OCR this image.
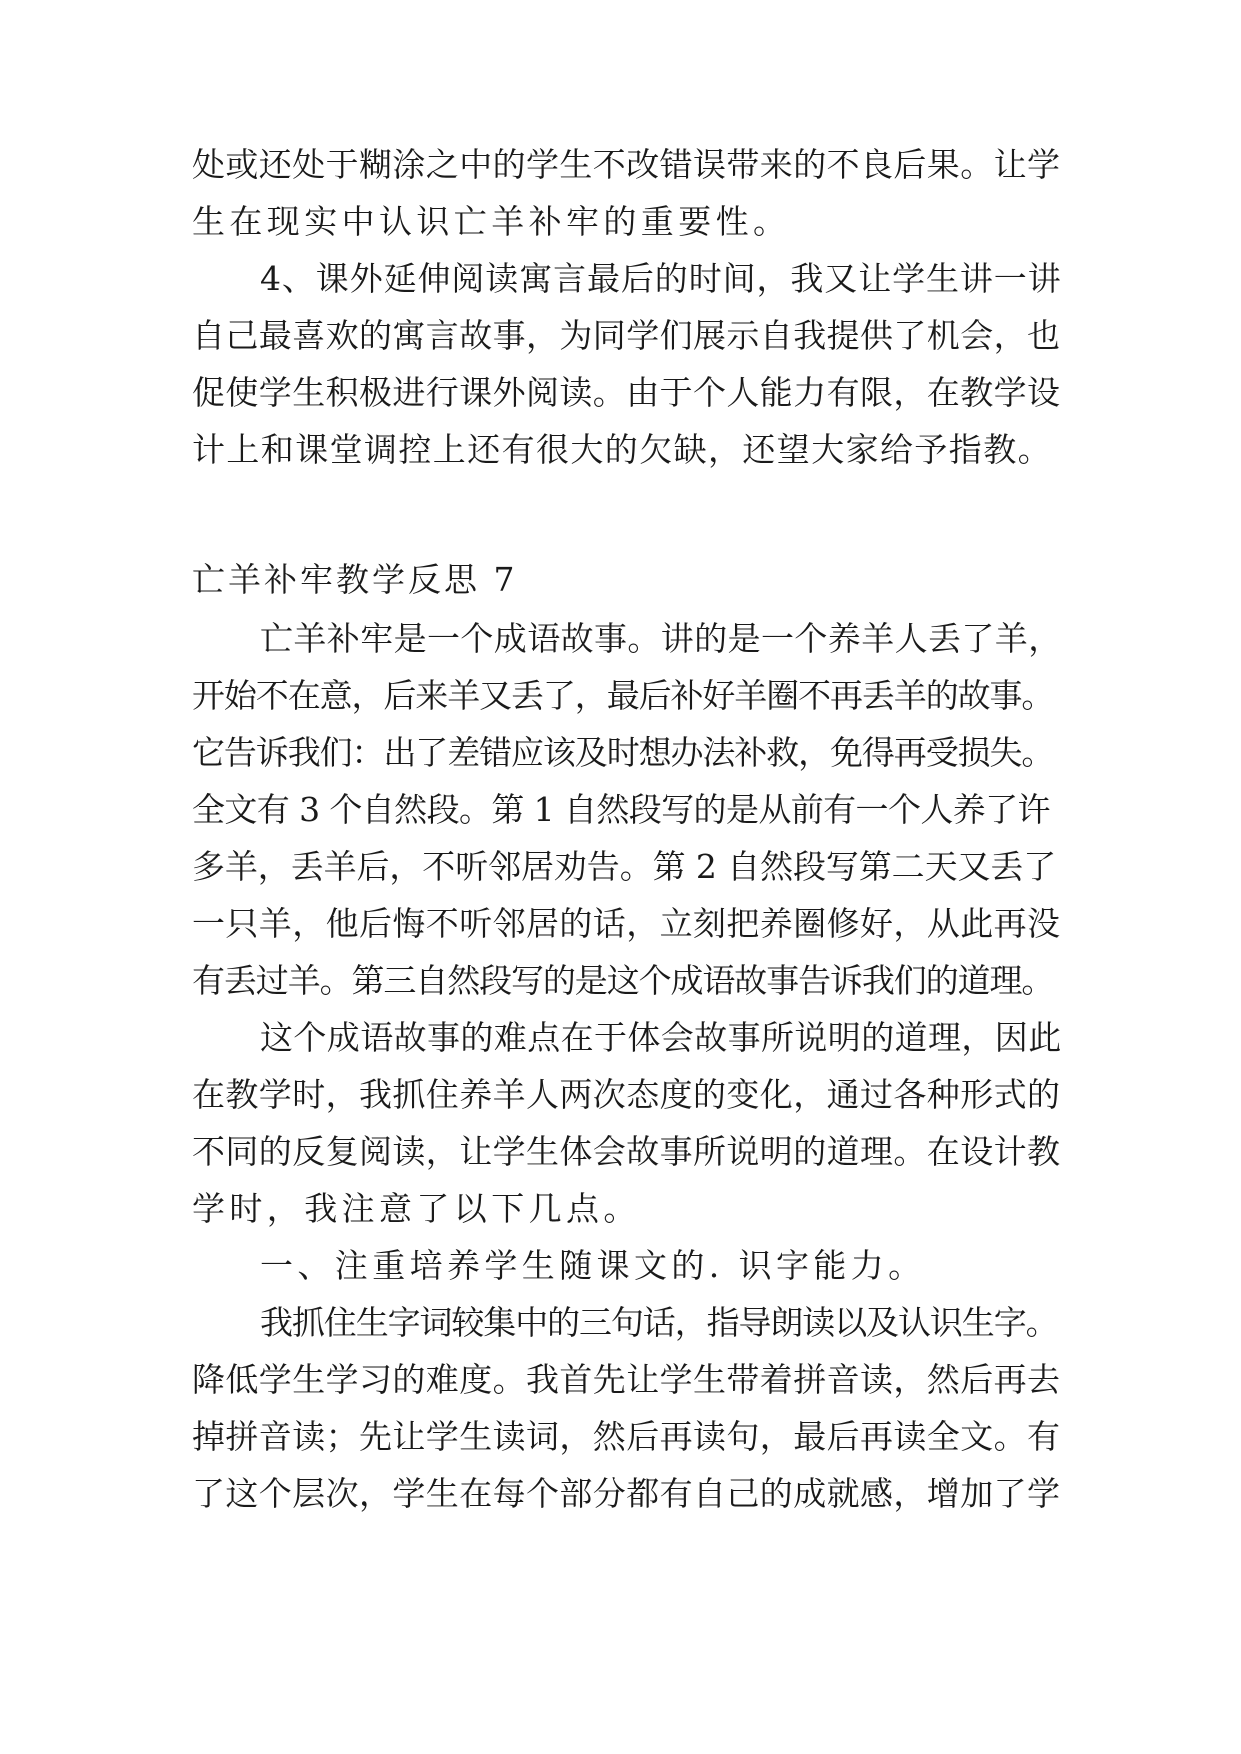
处或还处于糊涂之中的学生不改错误带来的不良后果。让学
生在现实中认识亡羊补牢的重要性。
4、课外延伸阅读寓言最后的时间，我又让学生讲一讲
自己最喜欢的寓言故事，为同学们展示自我提供了机会，也
促使学生积极进行课外阅读。由于个人能力有限，在教学设
计上和课堂调控上还有很大的欠缺，还望大家给予指教。
亡羊补牢教学反思 7
亡羊补牢是一个成语故事。讲的是一个养羊人丢了羊，
开始不在意，后来羊又丢了，最后补好羊圈不再丢羊的故事。
它告诉我们：出了差错应该及时想办法补救，免得再受损失。
全文有 3 个自然段。第 1 自然段写的是从前有一个人养了许
多羊，丢羊后，不听邻居劝告。第 2 自然段写第二天又丢了
一只羊，他后悔不听邻居的话，立刻把养圈修好，从此再没
有丢过羊。第三自然段写的是这个成语故事告诉我们的道理。
这个成语故事的难点在于体会故事所说明的道理，因此
在教学时，我抓住养羊人两次态度的变化，通过各种形式的
不同的反复阅读，让学生体会故事所说明的道理。在设计教
学时，我注意了以下几点。
一、注重培养学生随课文的. 识字能力。
我抓住生字词较集中的三句话，指导朗读以及认识生字。
降低学生学习的难度。我首先让学生带着拼音读，然后再去
掉拼音读；先让学生读词，然后再读句，最后再读全文。有
了这个层次，学生在每个部分都有自己的成就感，增加了学
